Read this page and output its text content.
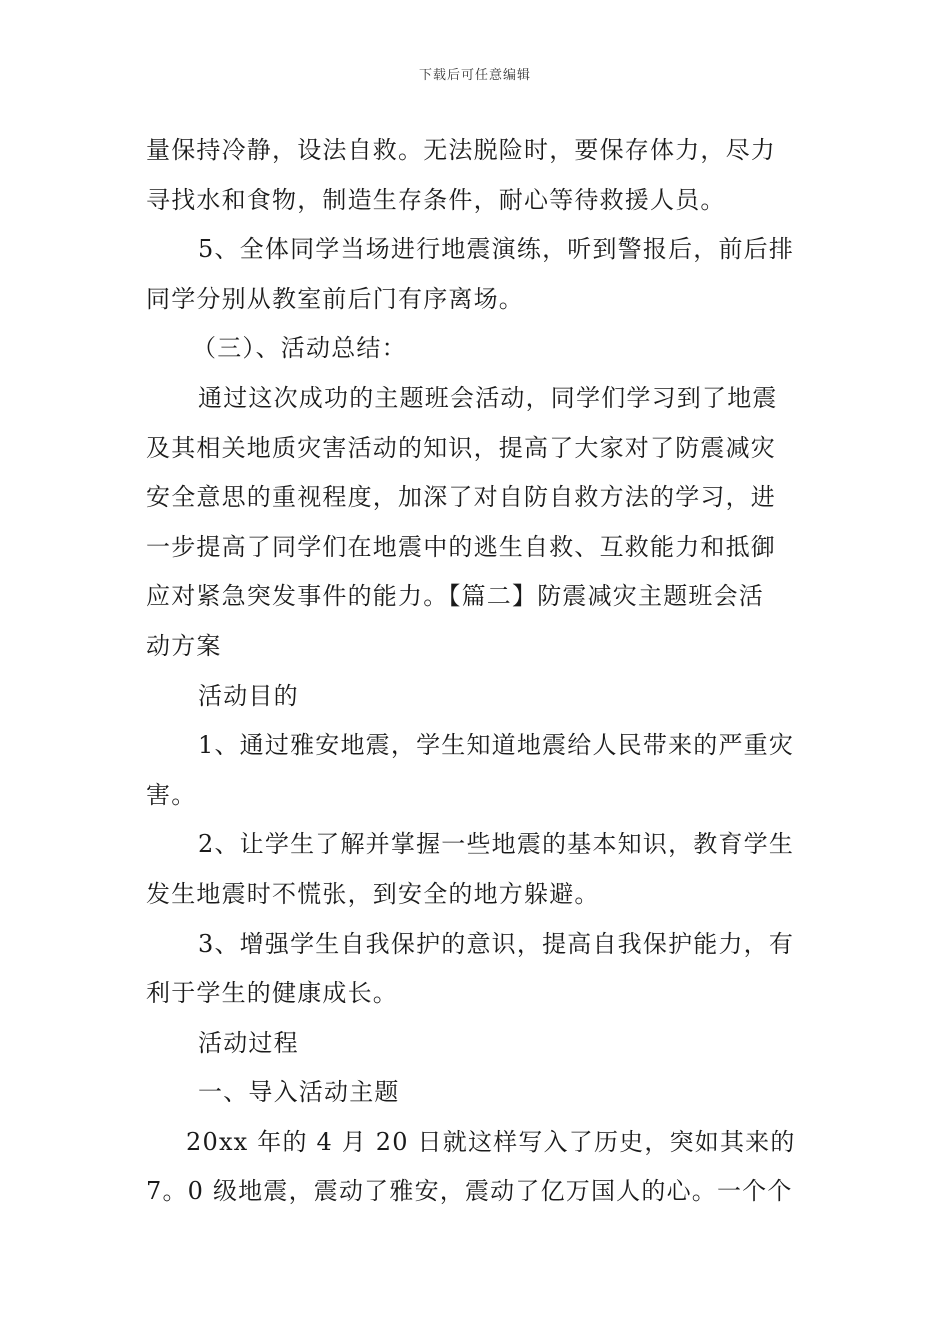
下载后可任意编辑
量保持冷静，设法自救。无法脱险时，要保存体力，尽力
寻找水和食物，制造生存条件，耐心等待救援人员。
5、全体同学当场进行地震演练，听到警报后，前后排
同学分别从教室前后门有序离场。
（三）、活动总结：
通过这次成功的主题班会活动，同学们学习到了地震
及其相关地质灾害活动的知识，提高了大家对了防震减灾
安全意思的重视程度，加深了对自防自救方法的学习，进
一步提高了同学们在地震中的逃生自救、互救能力和抵御
应对紧急突发事件的能力。【篇二】防震减灾主题班会活
动方案
活动目的
1、通过雅安地震，学生知道地震给人民带来的严重灾
害。
2、让学生了解并掌握一些地震的基本知识，教育学生
发生地震时不慌张，到安全的地方躲避。
3、增强学生自我保护的意识，提高自我保护能力，有
利于学生的健康成长。
活动过程
一、导入活动主题
20xx 年的 4 月 20 日就这样写入了历史，突如其来的
7。0 级地震，震动了雅安，震动了亿万国人的心。一个个
